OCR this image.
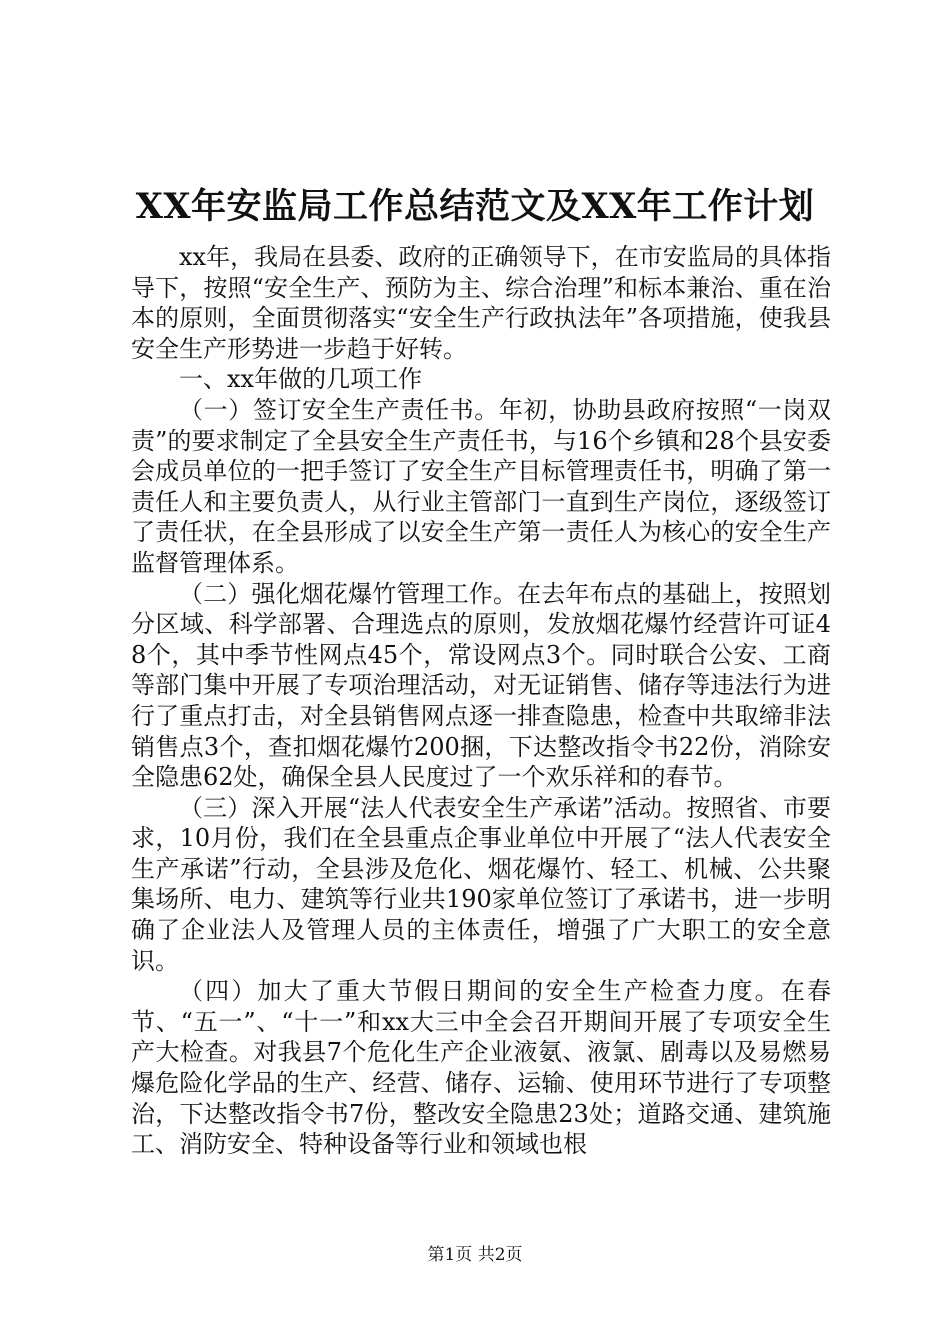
XX年安监局工作总结范文及XX年工作计划

xx年，我局在县委、政府的正确领导下，在市安监局的具体指导下，按照“安全生产、预防为主、综合治理”和标本兼治、重在治本的原则，全面贯彻落实“安全生产行政执法年”各项措施，使我县安全生产形势进一步趋于好转。

一、xx年做的几项工作

（一）签订安全生产责任书。年初，协助县政府按照“一岗双责”的要求制定了全县安全生产责任书，与16个乡镇和28个县安委会成员单位的一把手签订了安全生产目标管理责任书，明确了第一责任人和主要负责人，从行业主管部门一直到生产岗位，逐级签订了责任状，在全县形成了以安全生产第一责任人为核心的安全生产监督管理体系。

（二）强化烟花爆竹管理工作。在去年布点的基础上，按照划分区域、科学部署、合理选点的原则，发放烟花爆竹经营许可证48个，其中季节性网点45个，常设网点3个。同时联合公安、工商等部门集中开展了专项治理活动，对无证销售、储存等违法行为进行了重点打击，对全县销售网点逐一排查隐患，检查中共取缔非法销售点3个，查扣烟花爆竹200捆，下达整改指令书22份，消除安全隐患62处，确保全县人民度过了一个欢乐祥和的春节。

（三）深入开展“法人代表安全生产承诺”活动。按照省、市要求，10月份，我们在全县重点企事业单位中开展了“法人代表安全生产承诺”行动，全县涉及危化、烟花爆竹、轻工、机械、公共聚集场所、电力、建筑等行业共190家单位签订了承诺书，进一步明确了企业法人及管理人员的主体责任，增强了广大职工的安全意识。

（四）加大了重大节假日期间的安全生产检查力度。在春节、“五一”、“十一”和xx大三中全会召开期间开展了专项安全生产大检查。对我县7个危化生产企业液氨、液氯、剧毒以及易燃易爆危险化学品的生产、经营、储存、运输、使用环节进行了专项整治，下达整改指令书7份，整改安全隐患23处；道路交通、建筑施工、消防安全、特种设备等行业和领域也根

第1页 共2页
